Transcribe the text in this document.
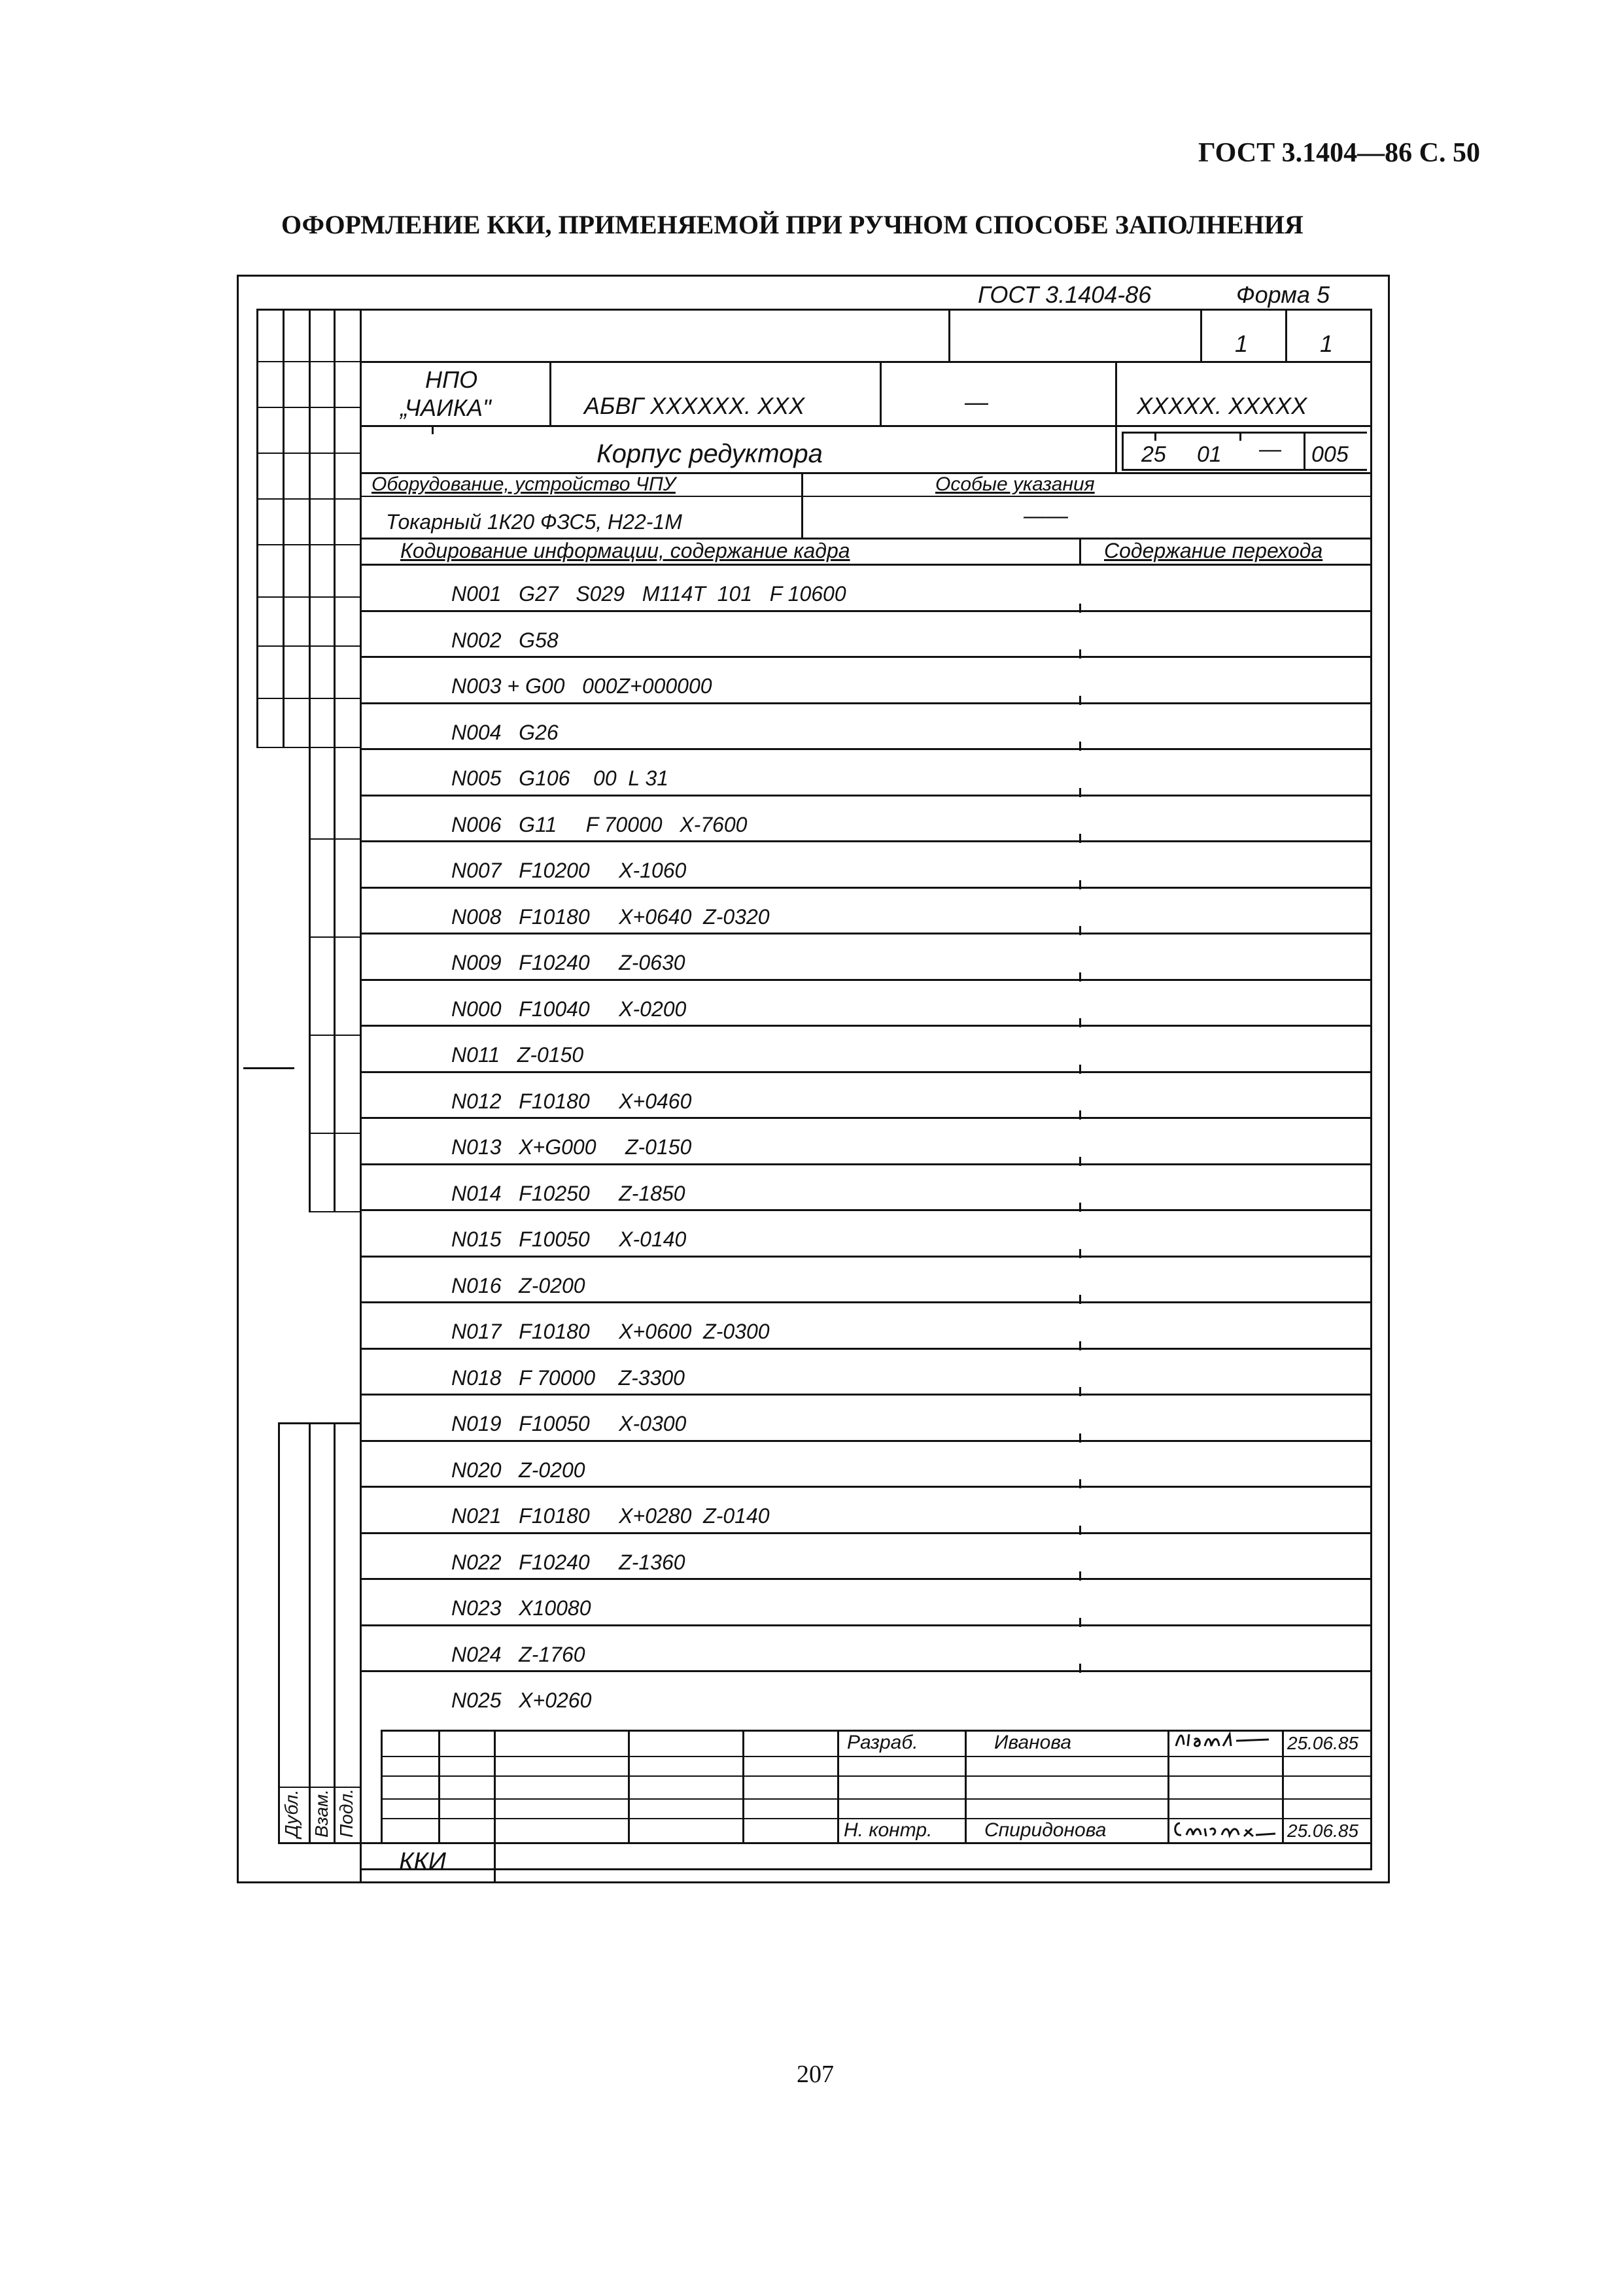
ГОСТ 3.1404—86 С. 50
ОФОРМЛЕНИЕ ККИ, ПРИМЕНЯЕМОЙ ПРИ РУЧНОМ СПОСОБЕ ЗАПОЛНЕНИЯ
ГОСТ 3.1404-86	Форма 5
1	1
НПО
„ЧАИКА"	АБВГ XXXXXX. XXX	—	XXXXX. XXXXX
Корпус редуктора	25 01 — 005
Оборудование, устройство ЧПУ	Особые указания
Токарный 1К20 ФЗС5, Н22-1М	——
Кодирование информации, содержание кадра	Содержание перехода
N001   G27   S029   M114T  101   F 10600
N002   G58
N003 + G00   000Z+000000
N004   G26
N005   G106    00  L 31
N006   G11     F 70000   X-7600
N007   F10200     X-1060
N008   F10180     X+0640  Z-0320
N009   F10240     Z-0630
N000   F10040     X-0200
N011   Z-0150
N012   F10180     X+0460
N013   X+G000     Z-0150
N014   F10250     Z-1850
N015   F10050     X-0140
N016   Z-0200
N017   F10180     X+0600  Z-0300
N018   F 70000    Z-3300
N019   F10050     X-0300
N020   Z-0200
N021   F10180     X+0280  Z-0140
N022   F10240     Z-1360
N023   X10080
N024   Z-1760
N025   X+0260
Дубл. Взам. Подл.
Разраб.	Иванова	25.06.85
Н. контр.	Спиридонова	25.06.85
ККИ
207
